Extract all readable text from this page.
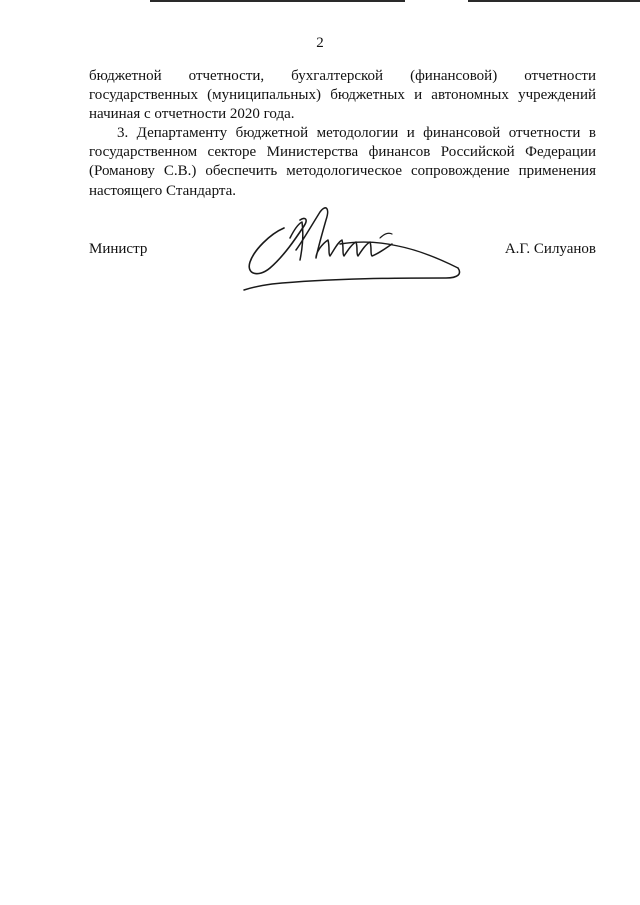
2
бюджетной отчетности, бухгалтерской (финансовой) отчетности
государственных (муниципальных) бюджетных и автономных учреждений
начиная с отчетности 2020 года.
3. Департаменту бюджетной методологии и финансовой отчетности в
государственном секторе Министерства финансов Российской Федерации
(Романову С.В.) обеспечить методологическое сопровождение применения
настоящего Стандарта.
Министр	А.Г. Силуанов
